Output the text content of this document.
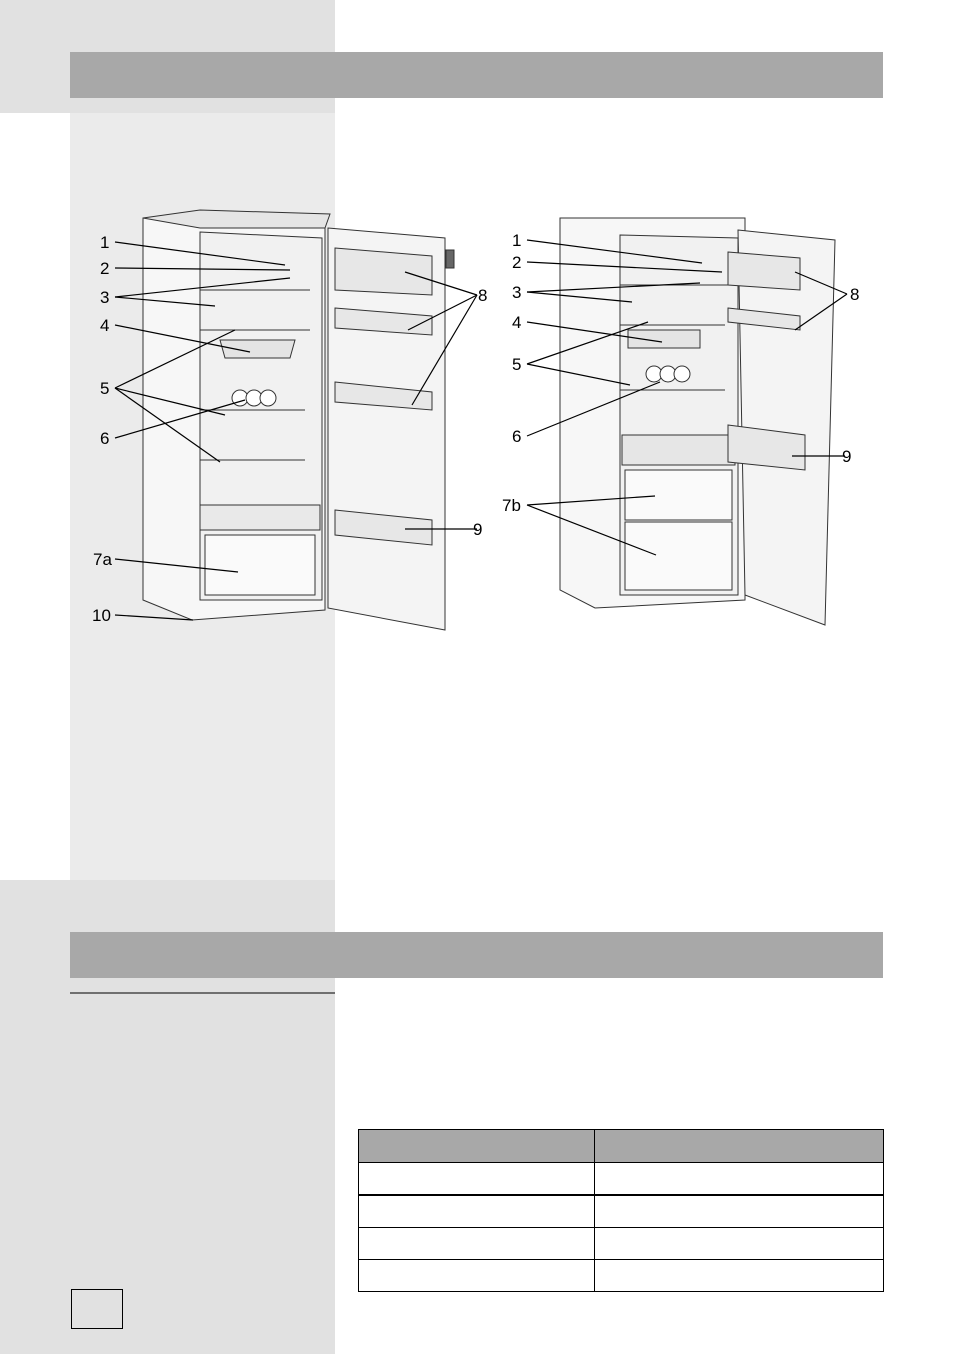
1
2
3
4
5
6
7a
8
9
10
1
2
3
4
5
6
7b
8
9
